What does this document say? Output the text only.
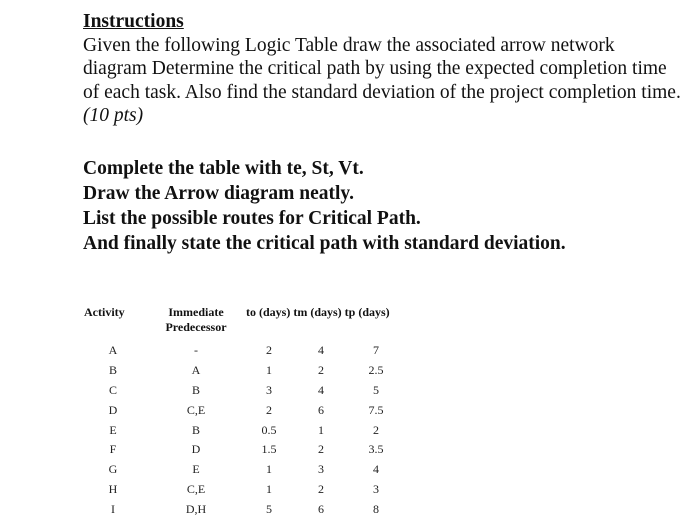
Instructions
Given the following Logic Table draw the associated arrow network diagram Determine the critical path by using the expected completion time of each task. Also find the standard deviation of the project completion time. (10 pts)
Complete the table with te, St, Vt.
Draw the Arrow diagram neatly.
List the possible routes for Critical Path.
And finally state the critical path with standard deviation.
Activity	Immediate
Predecessor	to (days) tm (days) tp (days)		
A	-	2	4	7
B	A	1	2	2.5
C	B	3	4	5
D	C,E	2	6	7.5
E	B	0.5	1	2
F	D	1.5	2	3.5
G	E	1	3	4
H	C,E	1	2	3
I	D,H	5	6	8
